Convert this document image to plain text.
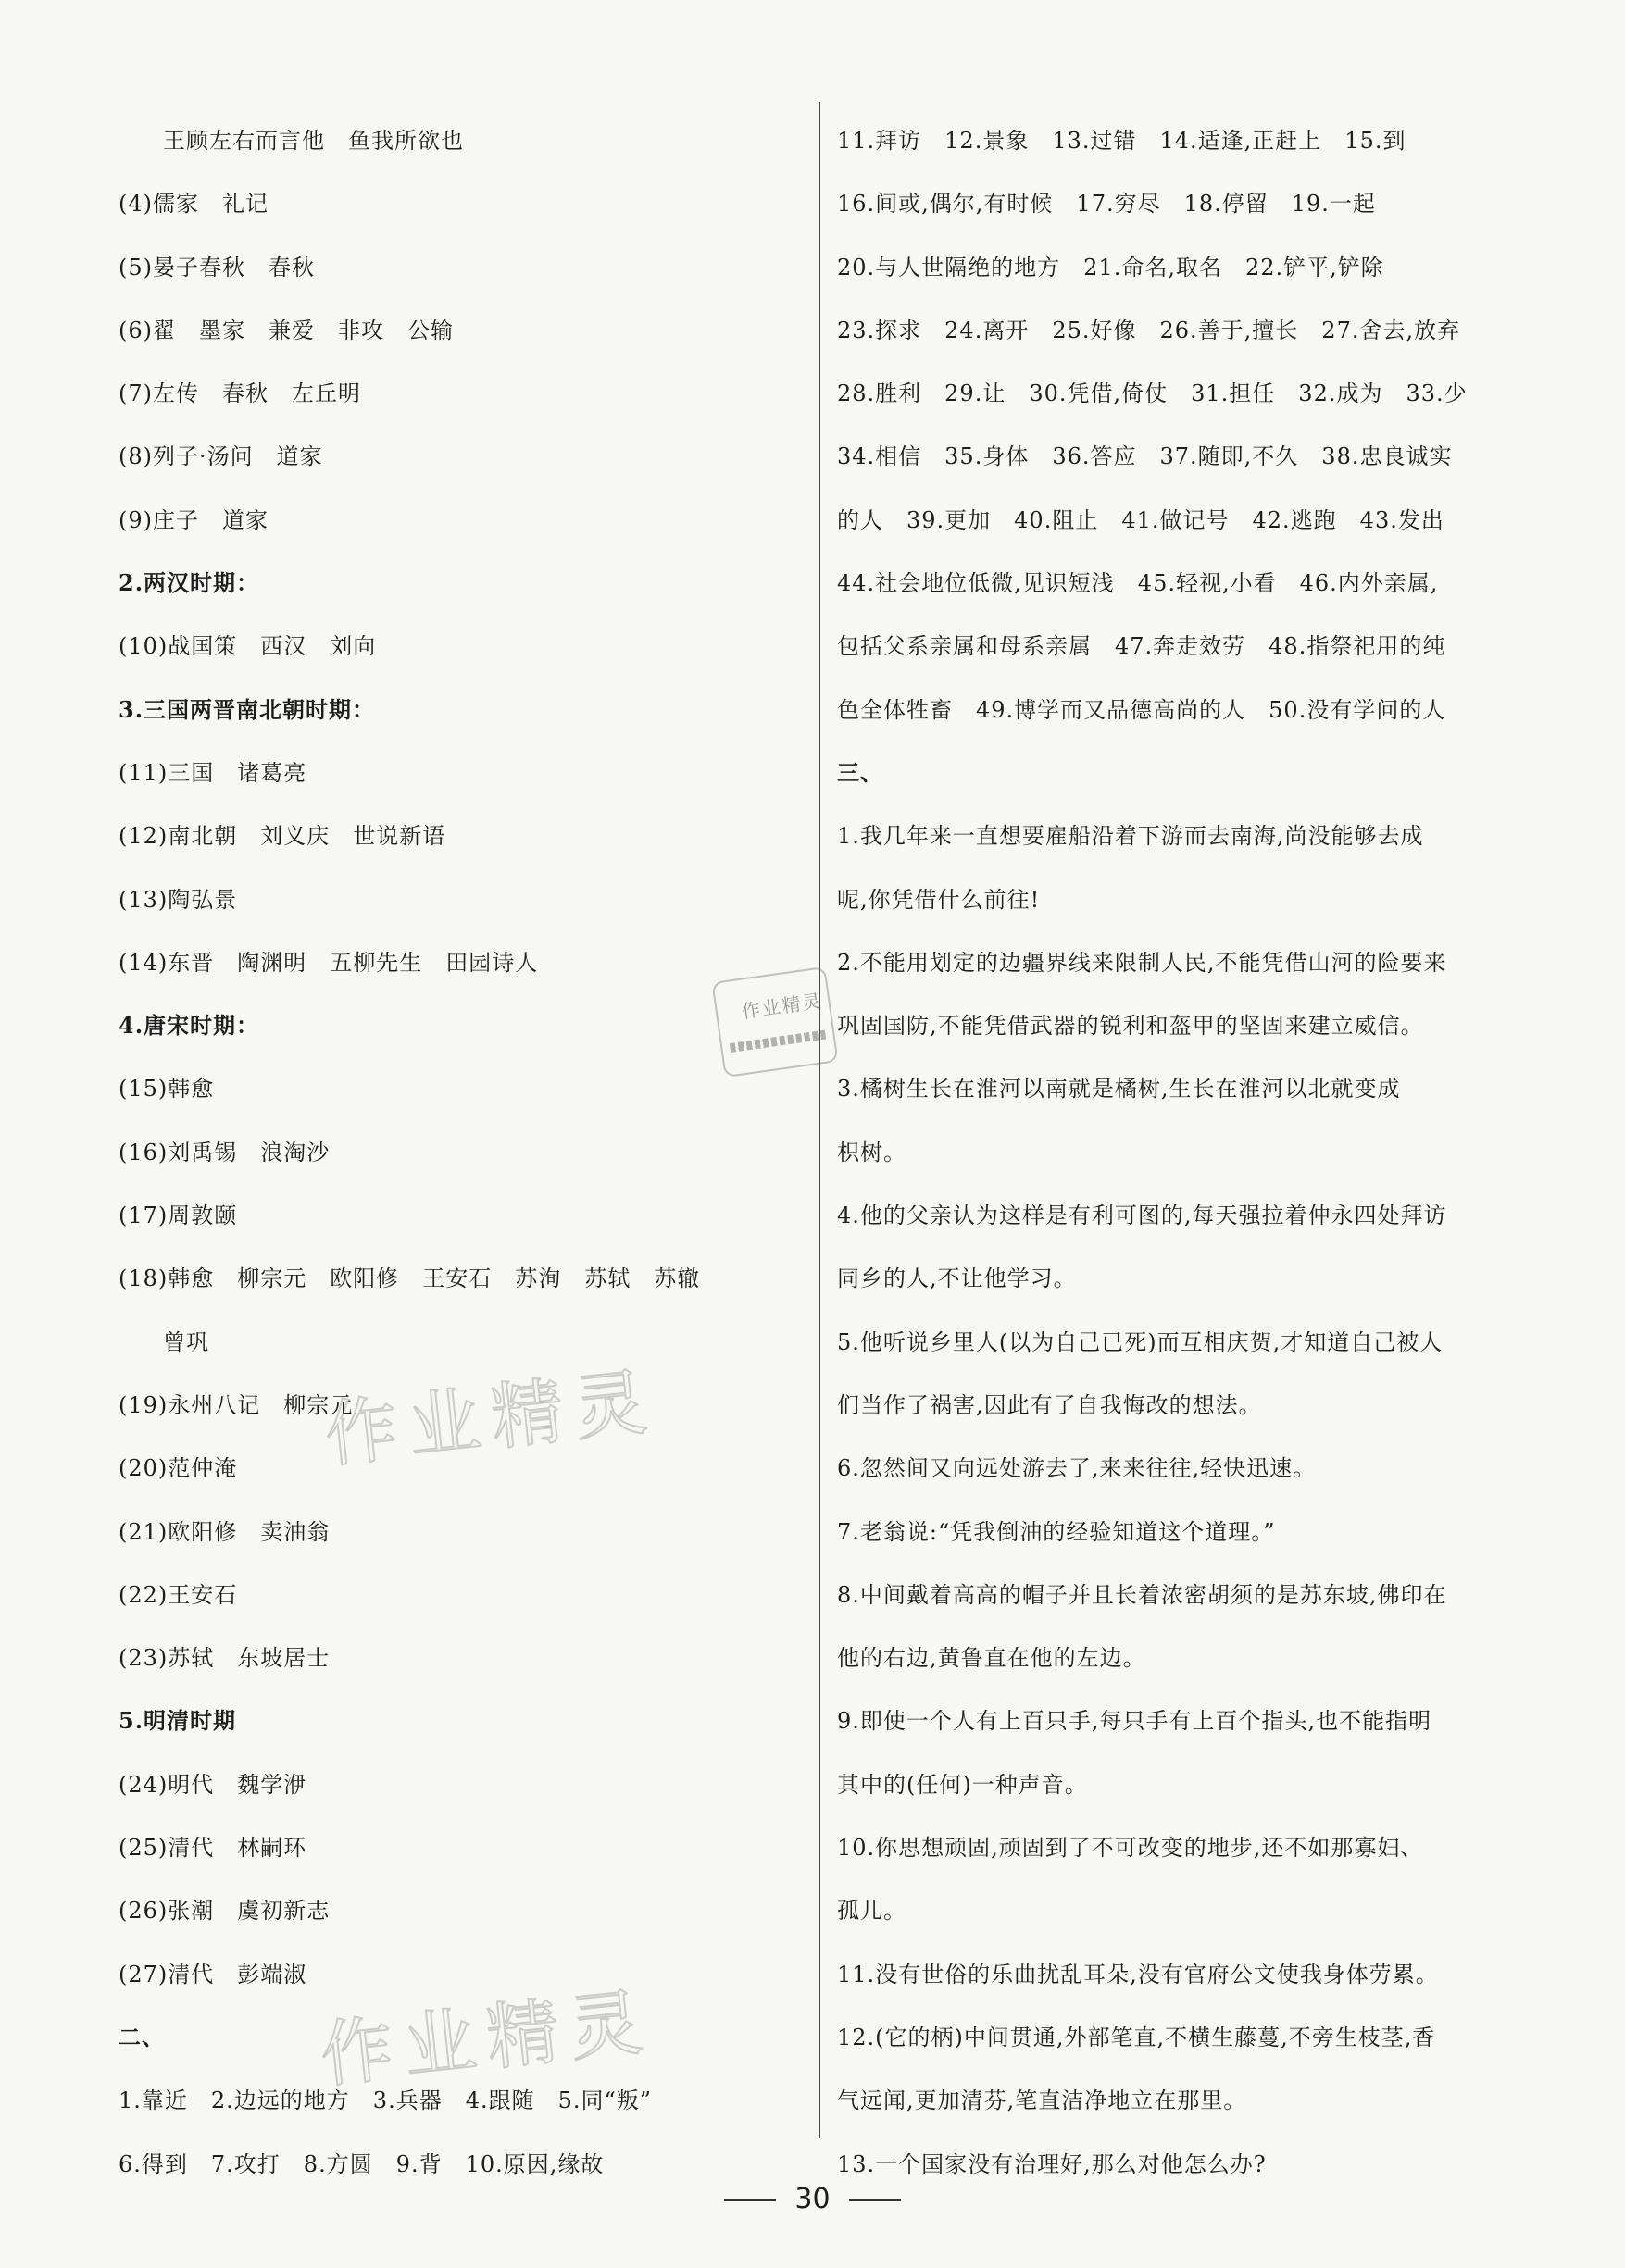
王顾左右而言他　鱼我所欲也
(4)儒家　礼记
(5)晏子春秋　春秋
(6)翟　墨家　兼爱　非攻　公输
(7)左传　春秋　左丘明
(8)列子·汤问　道家
(9)庄子　道家
2.两汉时期：
(10)战国策　西汉　刘向
3.三国两晋南北朝时期：
(11)三国　诸葛亮
(12)南北朝　刘义庆　世说新语
(13)陶弘景
(14)东晋　陶渊明　五柳先生　田园诗人
4.唐宋时期：
(15)韩愈
(16)刘禹锡　浪淘沙
(17)周敦颐
(18)韩愈　柳宗元　欧阳修　王安石　苏洵　苏轼　苏辙
曾巩
(19)永州八记　柳宗元
(20)范仲淹
(21)欧阳修　卖油翁
(22)王安石
(23)苏轼　东坡居士
5.明清时期
(24)明代　魏学洢
(25)清代　林嗣环
(26)张潮　虞初新志
(27)清代　彭端淑
二、
1.靠近　2.边远的地方　3.兵器　4.跟随　5.同“叛”
6.得到　7.攻打　8.方圆　9.背　10.原因,缘故
11.拜访　12.景象　13.过错　14.适逢,正赶上　15.到
16.间或,偶尔,有时候　17.穷尽　18.停留　19.一起
20.与人世隔绝的地方　21.命名,取名　22.铲平,铲除
23.探求　24.离开　25.好像　26.善于,擅长　27.舍去,放弃
28.胜利　29.让　30.凭借,倚仗　31.担任　32.成为　33.少
34.相信　35.身体　36.答应　37.随即,不久　38.忠良诚实
的人　39.更加　40.阻止　41.做记号　42.逃跑　43.发出
44.社会地位低微,见识短浅　45.轻视,小看　46.内外亲属,
包括父系亲属和母系亲属　47.奔走效劳　48.指祭祀用的纯
色全体牲畜　49.博学而又品德高尚的人　50.没有学问的人
三、
1.我几年来一直想要雇船沿着下游而去南海,尚没能够去成
呢,你凭借什么前往!
2.不能用划定的边疆界线来限制人民,不能凭借山河的险要来
巩固国防,不能凭借武器的锐利和盔甲的坚固来建立威信。
3.橘树生长在淮河以南就是橘树,生长在淮河以北就变成
枳树。
4.他的父亲认为这样是有利可图的,每天强拉着仲永四处拜访
同乡的人,不让他学习。
5.他听说乡里人(以为自己已死)而互相庆贺,才知道自己被人
们当作了祸害,因此有了自我悔改的想法。
6.忽然间又向远处游去了,来来往往,轻快迅速。
7.老翁说:“凭我倒油的经验知道这个道理。”
8.中间戴着高高的帽子并且长着浓密胡须的是苏东坡,佛印在
他的右边,黄鲁直在他的左边。
9.即使一个人有上百只手,每只手有上百个指头,也不能指明
其中的(任何)一种声音。
10.你思想顽固,顽固到了不可改变的地步,还不如那寡妇、
孤儿。
11.没有世俗的乐曲扰乱耳朵,没有官府公文使我身体劳累。
12.(它的柄)中间贯通,外部笔直,不横生藤蔓,不旁生枝茎,香
气远闻,更加清芬,笔直洁净地立在那里。
13.一个国家没有治理好,那么对他怎么办?
作业精灵
作业精灵
作业精灵
30
